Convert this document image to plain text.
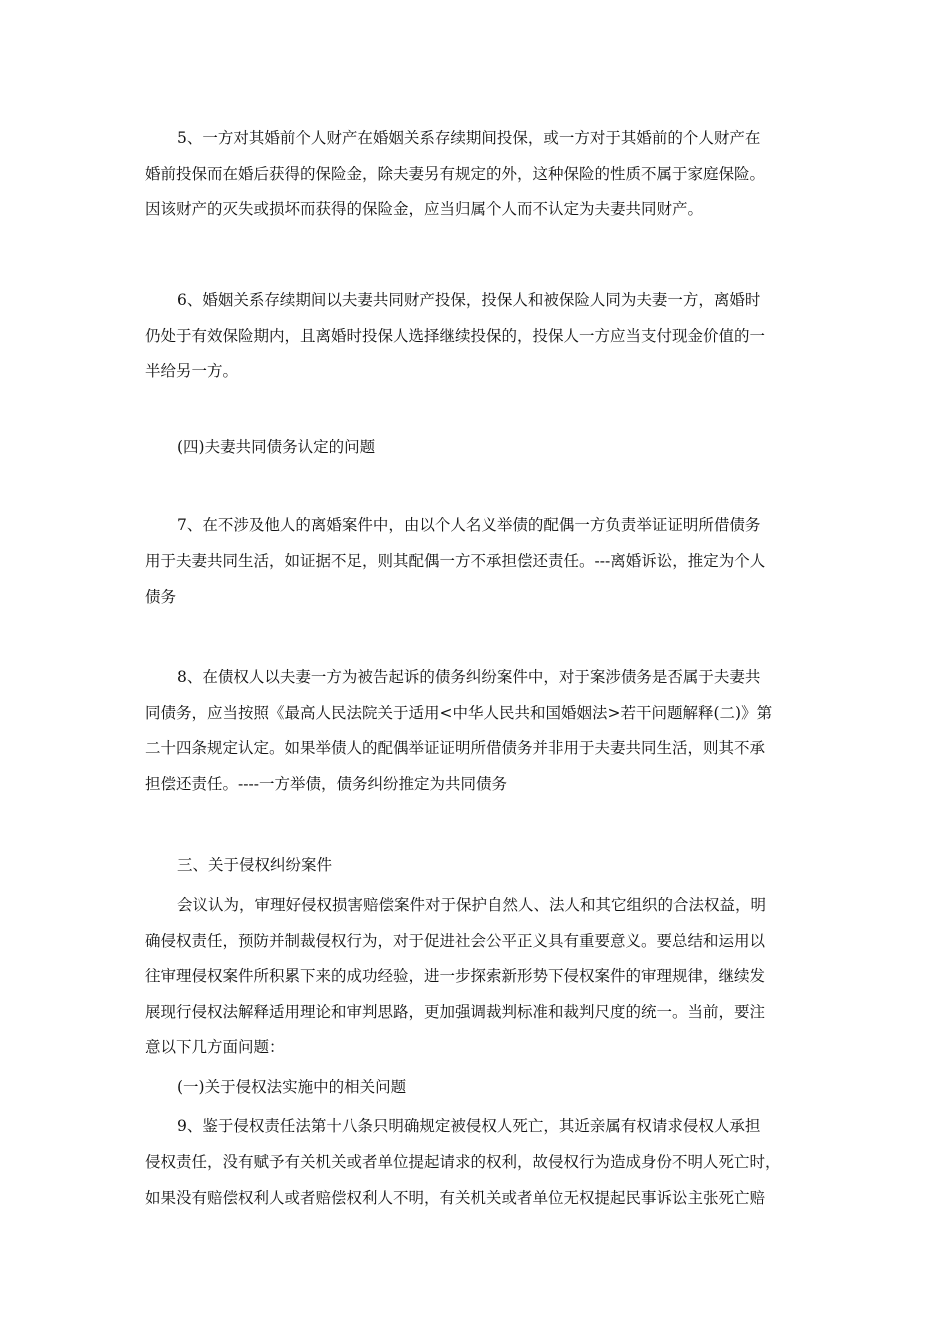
5、一方对其婚前个人财产在婚姻关系存续期间投保，或一方对于其婚前的个人财产在
婚前投保而在婚后获得的保险金，除夫妻另有规定的外，这种保险的性质不属于家庭保险。
因该财产的灭失或损坏而获得的保险金，应当归属个人而不认定为夫妻共同财产。
6、婚姻关系存续期间以夫妻共同财产投保，投保人和被保险人同为夫妻一方，离婚时
仍处于有效保险期内，且离婚时投保人选择继续投保的，投保人一方应当支付现金价值的一
半给另一方。
(四)夫妻共同债务认定的问题
7、在不涉及他人的离婚案件中，由以个人名义举债的配偶一方负责举证证明所借债务
用于夫妻共同生活，如证据不足，则其配偶一方不承担偿还责任。---离婚诉讼，推定为个人
债务
8、在债权人以夫妻一方为被告起诉的债务纠纷案件中，对于案涉债务是否属于夫妻共
同债务，应当按照《最高人民法院关于适用<中华人民共和国婚姻法>若干问题解释(二)》第
二十四条规定认定。如果举债人的配偶举证证明所借债务并非用于夫妻共同生活，则其不承
担偿还责任。----一方举债，债务纠纷推定为共同债务
三、关于侵权纠纷案件
会议认为，审理好侵权损害赔偿案件对于保护自然人、法人和其它组织的合法权益，明
确侵权责任，预防并制裁侵权行为，对于促进社会公平正义具有重要意义。要总结和运用以
往审理侵权案件所积累下来的成功经验，进一步探索新形势下侵权案件的审理规律，继续发
展现行侵权法解释适用理论和审判思路，更加强调裁判标准和裁判尺度的统一。当前，要注
意以下几方面问题：
(一)关于侵权法实施中的相关问题
9、鉴于侵权责任法第十八条只明确规定被侵权人死亡，其近亲属有权请求侵权人承担
侵权责任，没有赋予有关机关或者单位提起请求的权利，故侵权行为造成身份不明人死亡时，
如果没有赔偿权利人或者赔偿权利人不明，有关机关或者单位无权提起民事诉讼主张死亡赔
